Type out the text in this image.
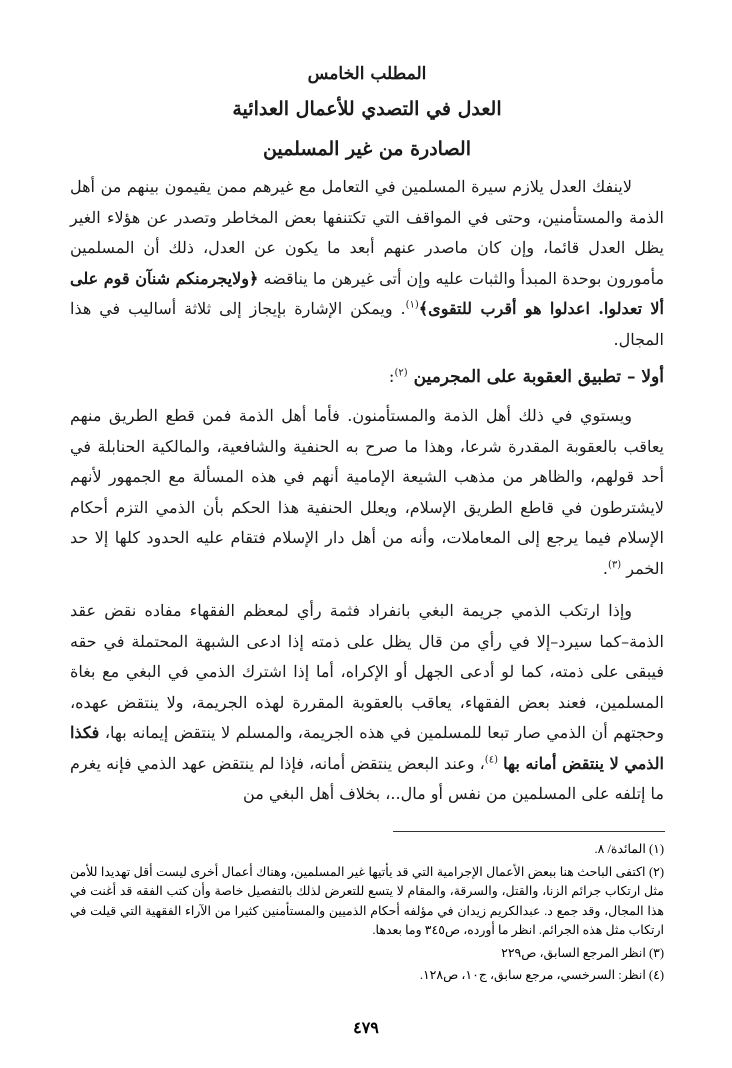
المطلب الخامس
العدل في التصدي للأعمال العدائية
الصادرة من غير المسلمين

لاينفك العدل يلازم سيرة المسلمين في التعامل مع غيرهم ممن يقيمون بينهم من أهل الذمة والمستأمنين، وحتى في المواقف التي تكتنفها بعض المخاطر وتصدر عن هؤلاء الغير يظل العدل قائما، وإن كان ماصدر عنهم أبعد ما يكون عن العدل، ذلك أن المسلمين مأمورون بوحدة المبدأ والثبات عليه وإن أتى غيرهن ما يناقضه ﴿ولايجرمنكم شنآن قوم على ألا تعدلوا. اعدلوا هو أقرب للتقوى﴾$^{(١)}$. ويمكن الإشارة بإيجاز إلى ثلاثة أساليب في هذا المجال.

أولا – تطبيق العقوبة على المجرمين $^{(٢)}$:

ويستوي في ذلك أهل الذمة والمستأمنون. فأما أهل الذمة فمن قطع الطريق منهم يعاقب بالعقوبة المقدرة شرعا، وهذا ما صرح به الحنفية والشافعية، والمالكية الحنابلة في أحد قولهم، والظاهر من مذهب الشيعة الإمامية أنهم في هذه المسألة مع الجمهور لأنهم لايشترطون في قاطع الطريق الإسلام، ويعلل الحنفية هذا الحكم بأن الذمي التزم أحكام الإسلام فيما يرجع إلى المعاملات، وأنه من أهل دار الإسلام فتقام عليه الحدود كلها إلا حد الخمر $^{(٣)}$.

وإذا ارتكب الذمي جريمة البغي بانفراد فثمة رأي لمعظم الفقهاء مفاده نقض عقد الذمة–كما سيرد–إلا في رأي من قال يظل على ذمته إذا ادعى الشبهة المحتملة في حقه فيبقى على ذمته، كما لو أدعى الجهل أو الإكراه، أما إذا اشترك الذمي في البغي مع بغاة المسلمين، فعند بعض الفقهاء، يعاقب بالعقوبة المقررة لهذه الجريمة، ولا ينتقض عهده، وحجتهم أن الذمي صار تبعا للمسلمين في هذه الجريمة، والمسلم لا ينتقض إيمانه بها، فكذا الذمي لا ينتقض أمانه بها $^{(٤)}$، وعند البعض ينتقض أمانه، فإذا لم ينتقض عهد الذمي فإنه يغرم ما إتلفه على المسلمين من نفس أو مال..، بخلاف أهل البغي من

(١) المائدة/ ٨.
(٢) اكتفى الباحث هنا ببعض الأعمال الإجرامية التي قد يأتيها غير المسلمين، وهناك أعمال أخرى ليست أقل تهديدا للأمن مثل ارتكاب جرائم الزنا، والقتل، والسرقة، والمقام لا يتسع للتعرض لذلك بالتفصيل خاصة وأن كتب الفقه قد أغنت في هذا المجال، وقد جمع د. عبدالكريم زيدان في مؤلفه أحكام الذميين والمستأمنين كثيرا من الآراء الفقهية التي قيلت في ارتكاب مثل هذه الجرائم. انظر ما أورده، ص٣٤٥ وما بعدها.
(٣) انظر المرجع السابق، ص٢٢٩
(٤) انظر: السرخسي، مرجع سابق، ج١٠، ص١٢٨.
٤٧٩
